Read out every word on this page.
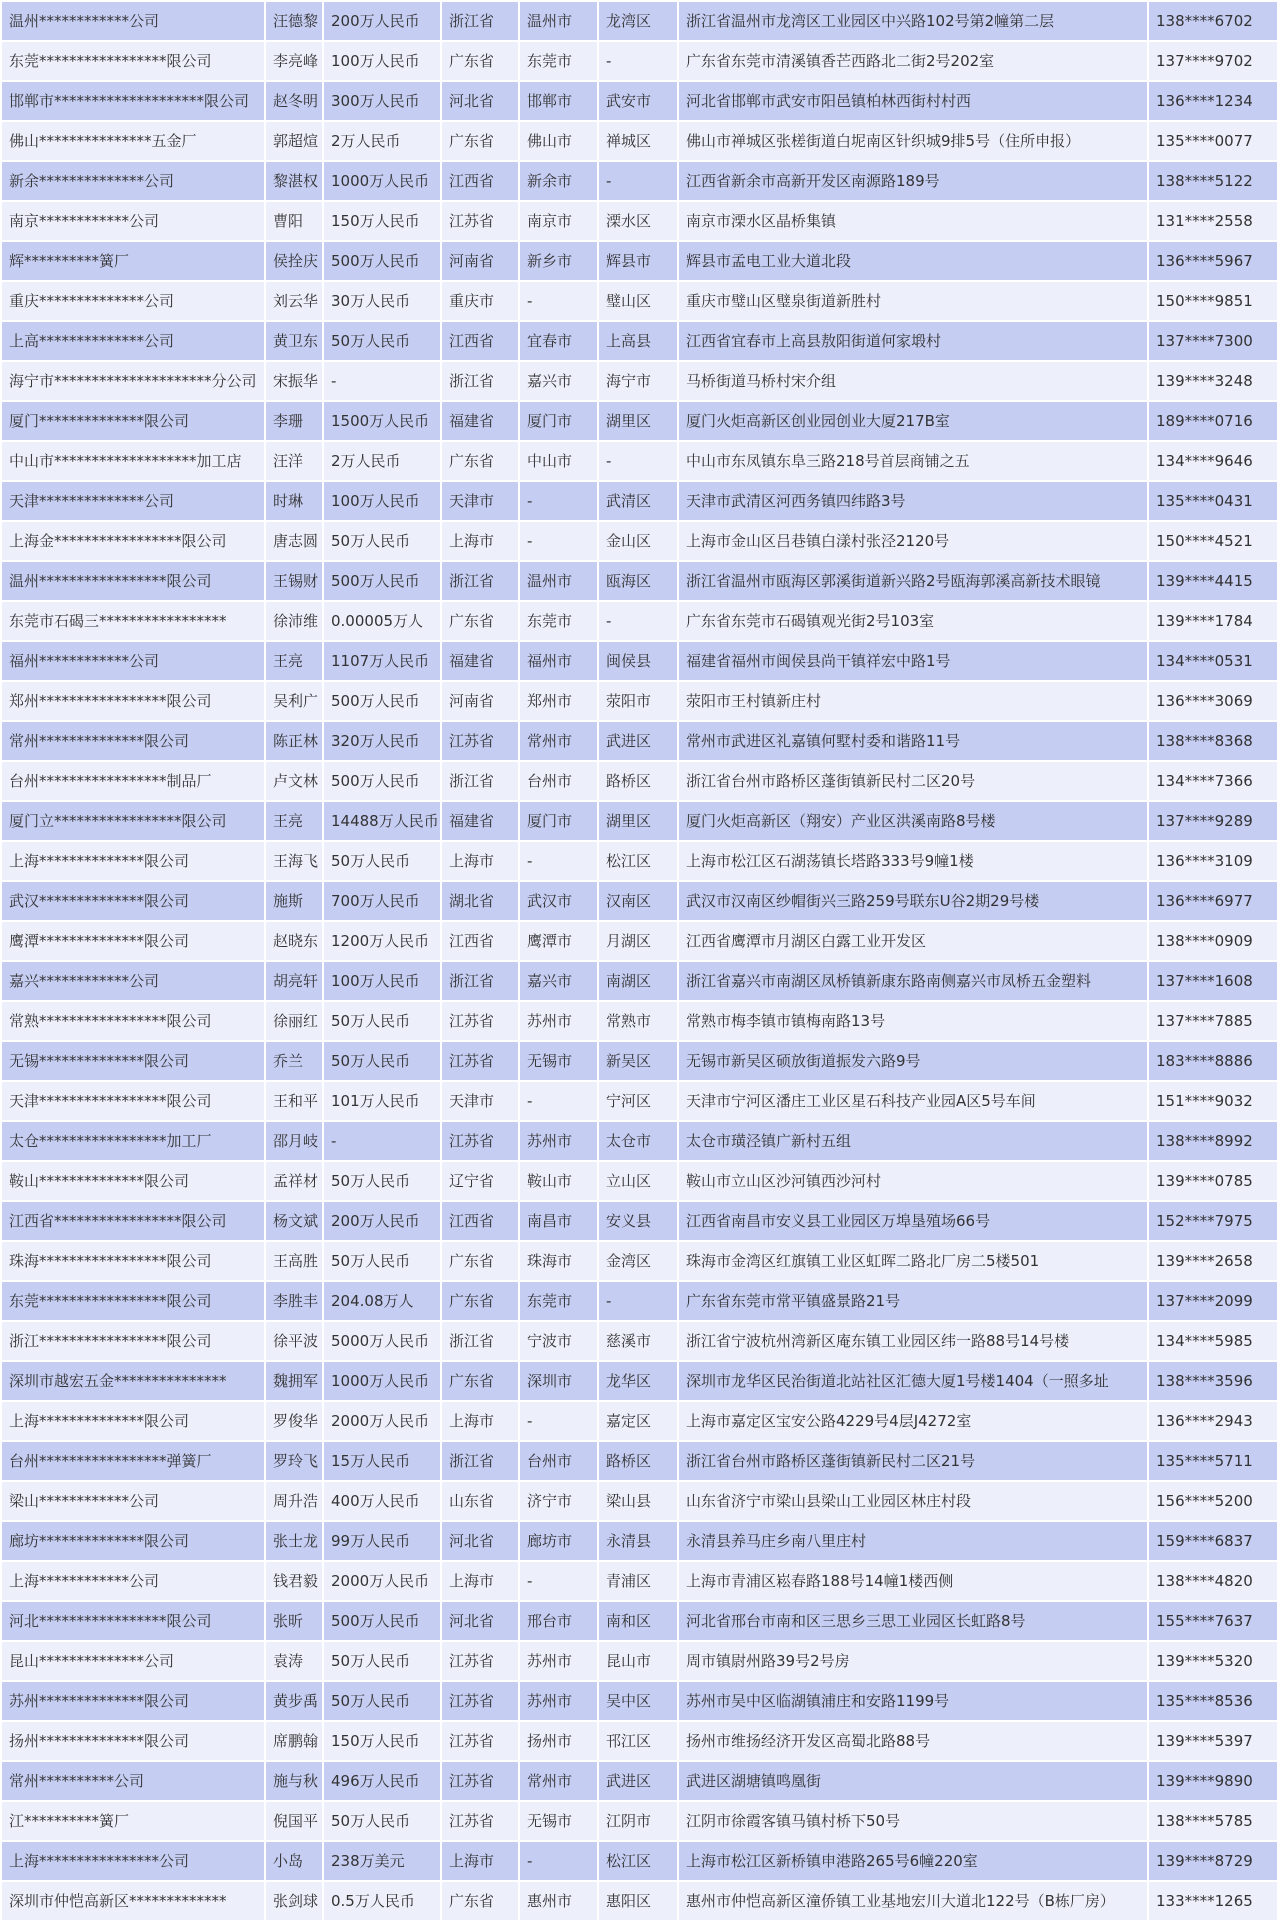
温州************公司	汪德黎	200万人民币	浙江省	温州市	龙湾区	浙江省温州市龙湾区工业园区中兴路102号第2幢第二层	138****6702
东莞*****************限公司	李亮峰	100万人民币	广东省	东莞市	-	广东省东莞市清溪镇香芒西路北二街2号202室	137****9702
邯郸市********************限公司	赵冬明	300万人民币	河北省	邯郸市	武安市	河北省邯郸市武安市阳邑镇柏林西街村村西	136****1234
佛山***************五金厂	郭超煊	2万人民币	广东省	佛山市	禅城区	佛山市禅城区张槎街道白坭南区针织城9排5号（住所申报）	135****0077
新余**************公司	黎湛权	1000万人民币	江西省	新余市	-	江西省新余市高新开发区南源路189号	138****5122
南京************公司	曹阳	150万人民币	江苏省	南京市	溧水区	南京市溧水区晶桥集镇	131****2558
辉**********簧厂	侯拴庆	500万人民币	河南省	新乡市	辉县市	辉县市孟电工业大道北段	136****5967
重庆**************公司	刘云华	30万人民币	重庆市	-	璧山区	重庆市璧山区璧泉街道新胜村	150****9851
上高**************公司	黄卫东	50万人民币	江西省	宜春市	上高县	江西省宜春市上高县敖阳街道何家塅村	137****7300
海宁市*********************分公司	宋振华	-	浙江省	嘉兴市	海宁市	马桥街道马桥村宋介组	139****3248
厦门**************限公司	李珊	1500万人民币	福建省	厦门市	湖里区	厦门火炬高新区创业园创业大厦217B室	189****0716
中山市*******************加工店	汪洋	2万人民币	广东省	中山市	-	中山市东凤镇东阜三路218号首层商铺之五	134****9646
天津**************公司	时琳	100万人民币	天津市	-	武清区	天津市武清区河西务镇四纬路3号	135****0431
上海金*****************限公司	唐志圆	50万人民币	上海市	-	金山区	上海市金山区吕巷镇白漾村张泾2120号	150****4521
温州*****************限公司	王锡财	500万人民币	浙江省	温州市	瓯海区	浙江省温州市瓯海区郭溪街道新兴路2号瓯海郭溪高新技术眼镜	139****4415
东莞市石碣三*****************	徐沛维	0.00005万人	广东省	东莞市	-	广东省东莞市石碣镇观光街2号103室	139****1784
福州************公司	王亮	1107万人民币	福建省	福州市	闽侯县	福建省福州市闽侯县尚干镇祥宏中路1号	134****0531
郑州*****************限公司	吴利广	500万人民币	河南省	郑州市	荥阳市	荥阳市王村镇新庄村	136****3069
常州**************限公司	陈正林	320万人民币	江苏省	常州市	武进区	常州市武进区礼嘉镇何墅村委和谐路11号	138****8368
台州*****************制品厂	卢文林	500万人民币	浙江省	台州市	路桥区	浙江省台州市路桥区蓬街镇新民村二区20号	134****7366
厦门立*****************限公司	王亮	14488万人民币	福建省	厦门市	湖里区	厦门火炬高新区（翔安）产业区洪溪南路8号楼	137****9289
上海**************限公司	王海飞	50万人民币	上海市	-	松江区	上海市松江区石湖荡镇长塔路333号9幢1楼	136****3109
武汉**************限公司	施斯	700万人民币	湖北省	武汉市	汉南区	武汉市汉南区纱帽街兴三路259号联东U谷2期29号楼	136****6977
鹰潭**************限公司	赵晓东	1200万人民币	江西省	鹰潭市	月湖区	江西省鹰潭市月湖区白露工业开发区	138****0909
嘉兴************公司	胡亮轩	100万人民币	浙江省	嘉兴市	南湖区	浙江省嘉兴市南湖区凤桥镇新康东路南侧嘉兴市凤桥五金塑料	137****1608
常熟*****************限公司	徐丽红	50万人民币	江苏省	苏州市	常熟市	常熟市梅李镇市镇梅南路13号	137****7885
无锡**************限公司	乔兰	50万人民币	江苏省	无锡市	新吴区	无锡市新吴区硕放街道振发六路9号	183****8886
天津*****************限公司	王和平	101万人民币	天津市	-	宁河区	天津市宁河区潘庄工业区星石科技产业园A区5号车间	151****9032
太仓*****************加工厂	邵月岐	-	江苏省	苏州市	太仓市	太仓市璜泾镇广新村五组	138****8992
鞍山**************限公司	孟祥材	50万人民币	辽宁省	鞍山市	立山区	鞍山市立山区沙河镇西沙河村	139****0785
江西省*****************限公司	杨文斌	200万人民币	江西省	南昌市	安义县	江西省南昌市安义县工业园区万埠垦殖场66号	152****7975
珠海*****************限公司	王高胜	50万人民币	广东省	珠海市	金湾区	珠海市金湾区红旗镇工业区虹晖二路北厂房二5楼501	139****2658
东莞*****************限公司	李胜丰	204.08万人	广东省	东莞市	-	广东省东莞市常平镇盛景路21号	137****2099
浙江*****************限公司	徐平波	5000万人民币	浙江省	宁波市	慈溪市	浙江省宁波杭州湾新区庵东镇工业园区纬一路88号14号楼	134****5985
深圳市越宏五金***************	魏拥军	1000万人民币	广东省	深圳市	龙华区	深圳市龙华区民治街道北站社区汇德大厦1号楼1404（一照多址	138****3596
上海**************限公司	罗俊华	2000万人民币	上海市	-	嘉定区	上海市嘉定区宝安公路4229号4层J4272室	136****2943
台州*****************弹簧厂	罗玲飞	15万人民币	浙江省	台州市	路桥区	浙江省台州市路桥区蓬街镇新民村二区21号	135****5711
梁山************公司	周升浩	400万人民币	山东省	济宁市	梁山县	山东省济宁市梁山县梁山工业园区林庄村段	156****5200
廊坊**************限公司	张士龙	99万人民币	河北省	廊坊市	永清县	永清县养马庄乡南八里庄村	159****6837
上海************公司	钱君毅	2000万人民币	上海市	-	青浦区	上海市青浦区崧春路188号14幢1楼西侧	138****4820
河北*****************限公司	张昕	500万人民币	河北省	邢台市	南和区	河北省邢台市南和区三思乡三思工业园区长虹路8号	155****7637
昆山**************公司	袁涛	50万人民币	江苏省	苏州市	昆山市	周市镇尉州路39号2号房	139****5320
苏州**************限公司	黄步禹	50万人民币	江苏省	苏州市	吴中区	苏州市吴中区临湖镇浦庄和安路1199号	135****8536
扬州**************限公司	席鹏翰	150万人民币	江苏省	扬州市	邗江区	扬州市维扬经济开发区高蜀北路88号	139****5397
常州**********公司	施与秋	496万人民币	江苏省	常州市	武进区	武进区湖塘镇鸣凰街	139****9890
江**********簧厂	倪国平	50万人民币	江苏省	无锡市	江阴市	江阴市徐霞客镇马镇村桥下50号	138****5785
上海****************公司	小岛	238万美元	上海市	-	松江区	上海市松江区新桥镇申港路265号6幢220室	139****8729
深圳市仲恺高新区*************	张剑球	0.5万人民币	广东省	惠州市	惠阳区	惠州市仲恺高新区潼侨镇工业基地宏川大道北122号（B栋厂房）	133****1265
